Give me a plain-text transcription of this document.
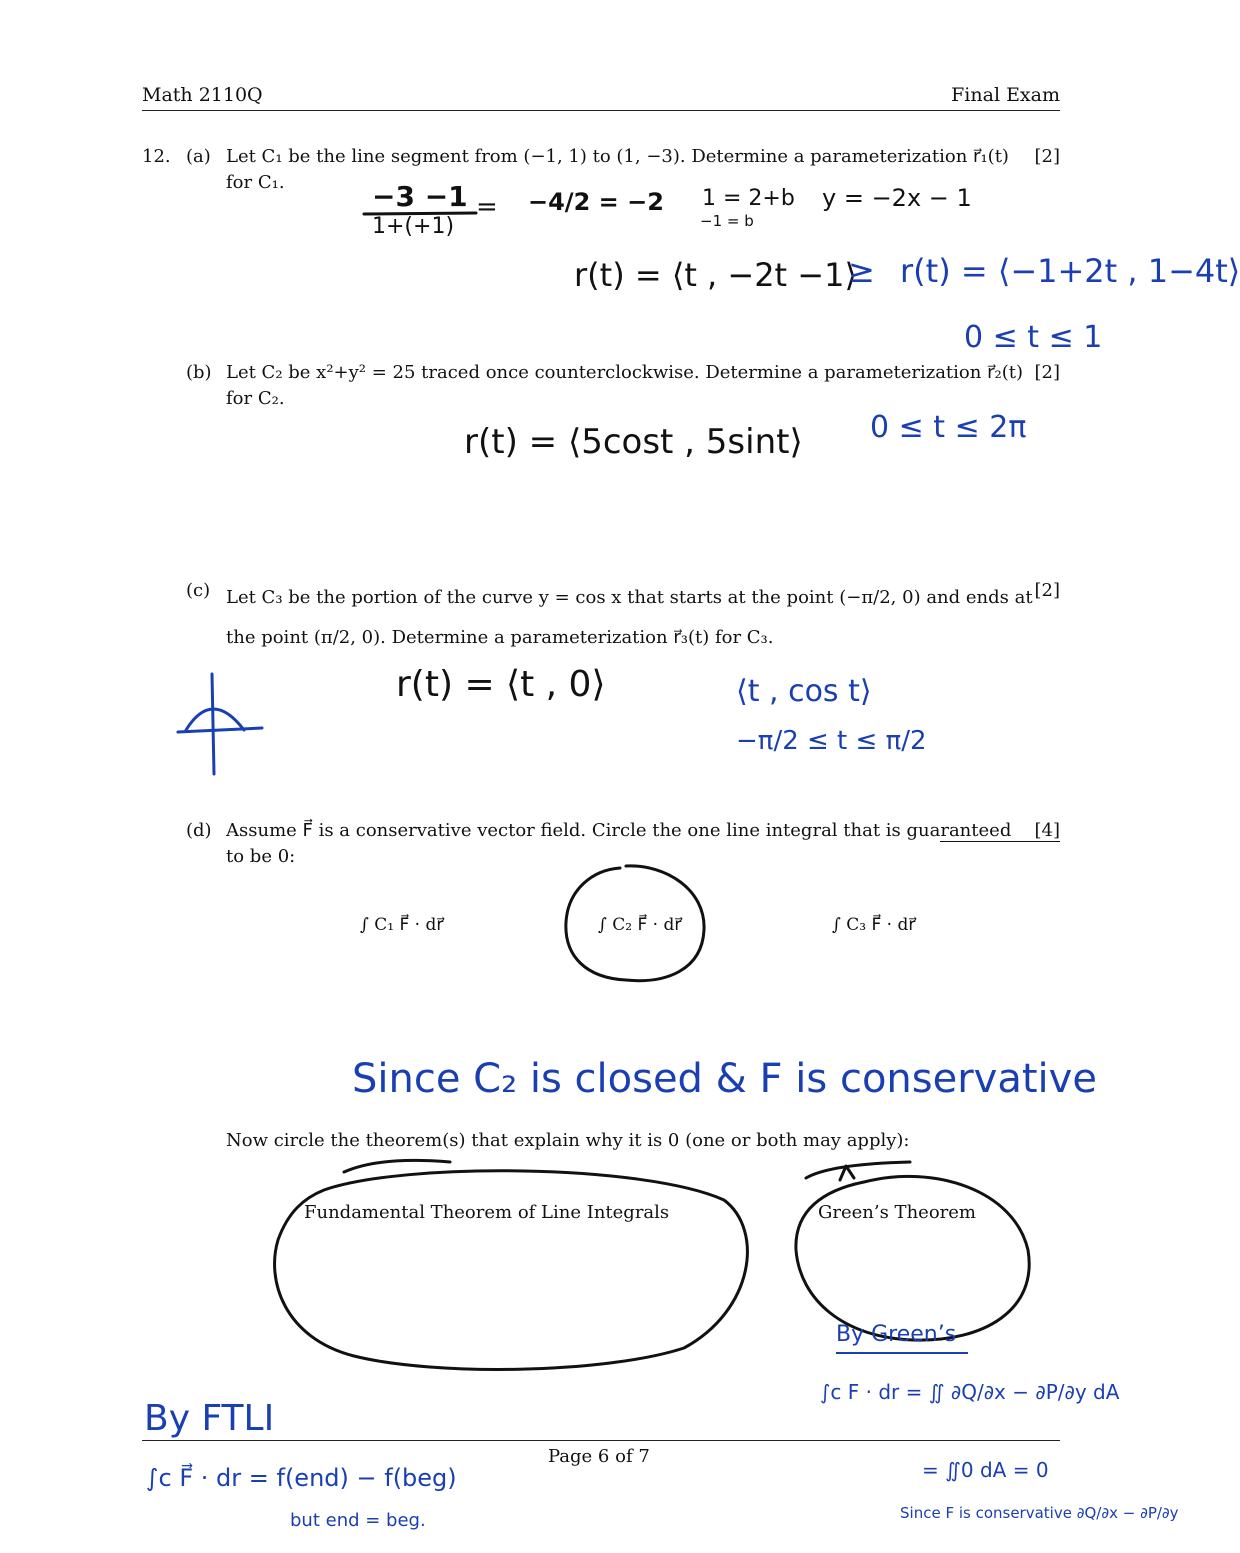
Math 2110Q	Final Exam
12. (a) Let C₁ be the line segment from (−1, 1) to (1, −3). Determine a parameterization r⃗₁(t)
for C₁.
[2]
−3 −1
1+(+1)
= −4/2 = −2 1 = 2+b
−1 = b
y = −2x − 1
r(t) = ⟨t , −2t −1⟩
≥ r(t) = ⟨−1+2t , 1−4t⟩
0 ≤ t ≤ 1
(b) Let C₂ be x²+y² = 25 traced once counterclockwise. Determine a parameterization r⃗₂(t)
for C₂.
[2]
r(t) = ⟨5cost , 5sint⟩ 0 ≤ t ≤ 2π
(c) Let C₃ be the portion of the curve y = cos x that starts at the point (−π/2, 0) and ends at
the point (π/2, 0). Determine a parameterization r⃗₃(t) for C₃.
[2]
r(t) = ⟨t , 0⟩	⟨t , cos t⟩
−π/2 ≤ t ≤ π/2
(d) Assume F⃗ is a conservative vector field. Circle the one line integral that is guaranteed
to be 0:
[4]
∫ C₁ F⃗ · dr⃗	∫ C₂ F⃗ · dr⃗	∫ C₃ F⃗ · dr⃗
Since C₂ is closed & F is conservative
Now circle the theorem(s) that explain why it is 0 (one or both may apply):
Fundamental Theorem of Line Integrals	Green’s Theorem
By Green’s
∫c F · dr = ∬ ∂Q/∂x − ∂P/∂y dA
= ∬0 dA = 0
Since F is conservative ∂Q/∂x − ∂P/∂y
By FTLI
∫c F⃗ · dr = f(end) − f(beg)
but end = beg.
Page 6 of 7
